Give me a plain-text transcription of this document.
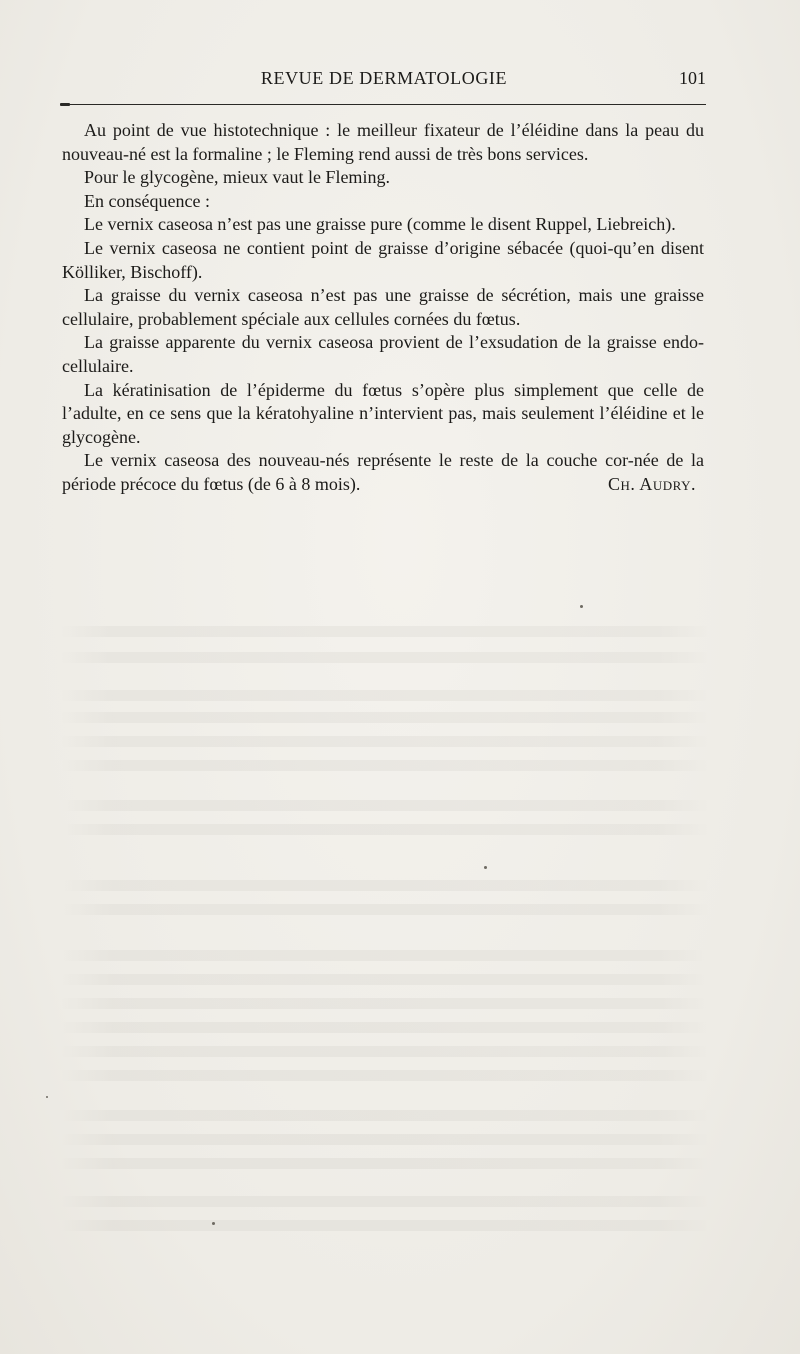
REVUE DE DERMATOLOGIE	101

Au point de vue histotechnique : le meilleur fixateur de l’éléidine dans la peau du nouveau-né est la formaline ; le Fleming rend aussi de très bons services.

Pour le glycogène, mieux vaut le Fleming.

En conséquence :

Le vernix caseosa n’est pas une graisse pure (comme le disent Ruppel, Liebreich).

Le vernix caseosa ne contient point de graisse d’origine sébacée (quoi-qu’en disent Kölliker, Bischoff).

La graisse du vernix caseosa n’est pas une graisse de sécrétion, mais une graisse cellulaire, probablement spéciale aux cellules cornées du fœtus.

La graisse apparente du vernix caseosa provient de l’exsudation de la graisse endo-cellulaire.

La kératinisation de l’épiderme du fœtus s’opère plus simplement que celle de l’adulte, en ce sens que la kératohyaline n’intervient pas, mais seulement l’éléidine et le glycogène.

Le vernix caseosa des nouveau-nés représente le reste de la couche cor-née de la période précoce du fœtus (de 6 à 8 mois).	Ch. Audry.
